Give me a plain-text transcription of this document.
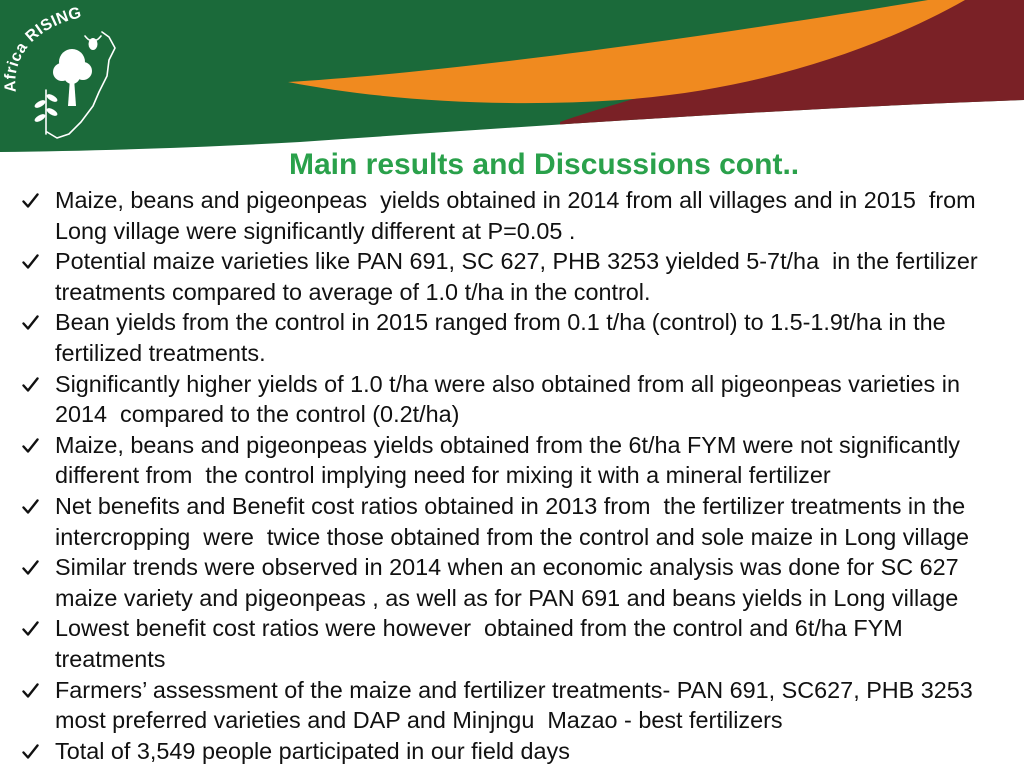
Africa RISING
Main results and Discussions cont..
Maize, beans and pigeonpeas  yields obtained in 2014 from all villages and in 2015  from
Long village were significantly different at P=0.05 .
Potential maize varieties like PAN 691, SC 627, PHB 3253 yielded 5-7t/ha  in the fertilizer
treatments compared to average of 1.0 t/ha in the control.
Bean yields from the control in 2015 ranged from 0.1 t/ha (control) to 1.5-1.9t/ha in the
fertilized treatments.
Significantly higher yields of 1.0 t/ha were also obtained from all pigeonpeas varieties in
2014  compared to the control (0.2t/ha)
Maize, beans and pigeonpeas yields obtained from the 6t/ha FYM were not significantly
different from  the control implying need for mixing it with a mineral fertilizer
Net benefits and Benefit cost ratios obtained in 2013 from  the fertilizer treatments in the
intercropping  were  twice those obtained from the control and sole maize in Long village
Similar trends were observed in 2014 when an economic analysis was done for SC 627
maize variety and pigeonpeas , as well as for PAN 691 and beans yields in Long village
Lowest benefit cost ratios were however  obtained from the control and 6t/ha FYM
treatments
Farmers’ assessment of the maize and fertilizer treatments- PAN 691, SC627, PHB 3253
most preferred varieties and DAP and Minjngu  Mazao - best fertilizers
Total of 3,549 people participated in our field days
